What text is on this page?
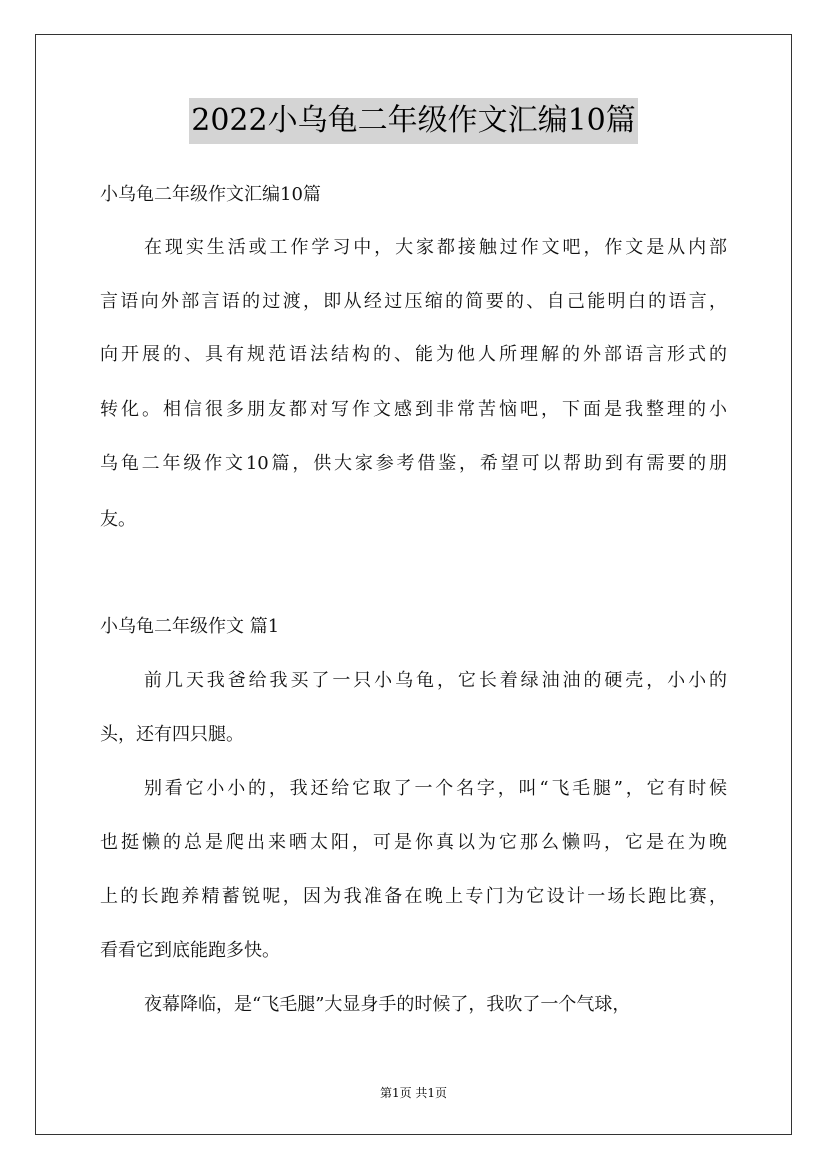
2022小乌龟二年级作文汇编10篇
小乌龟二年级作文汇编10篇
在现实生活或工作学习中，大家都接触过作文吧，作文是从内部
言语向外部言语的过渡，即从经过压缩的简要的、自己能明白的语言，
向开展的、具有规范语法结构的、能为他人所理解的外部语言形式的
转化。相信很多朋友都对写作文感到非常苦恼吧，下面是我整理的小
乌龟二年级作文10篇，供大家参考借鉴，希望可以帮助到有需要的朋
友。
小乌龟二年级作文 篇1
前几天我爸给我买了一只小乌龟，它长着绿油油的硬壳，小小的
头，还有四只腿。
别看它小小的，我还给它取了一个名字，叫“飞毛腿”，它有时候
也挺懒的总是爬出来晒太阳，可是你真以为它那么懒吗，它是在为晚
上的长跑养精蓄锐呢，因为我准备在晚上专门为它设计一场长跑比赛，
看看它到底能跑多快。
夜幕降临，是“飞毛腿”大显身手的时候了，我吹了一个气球，
第1页 共1页
